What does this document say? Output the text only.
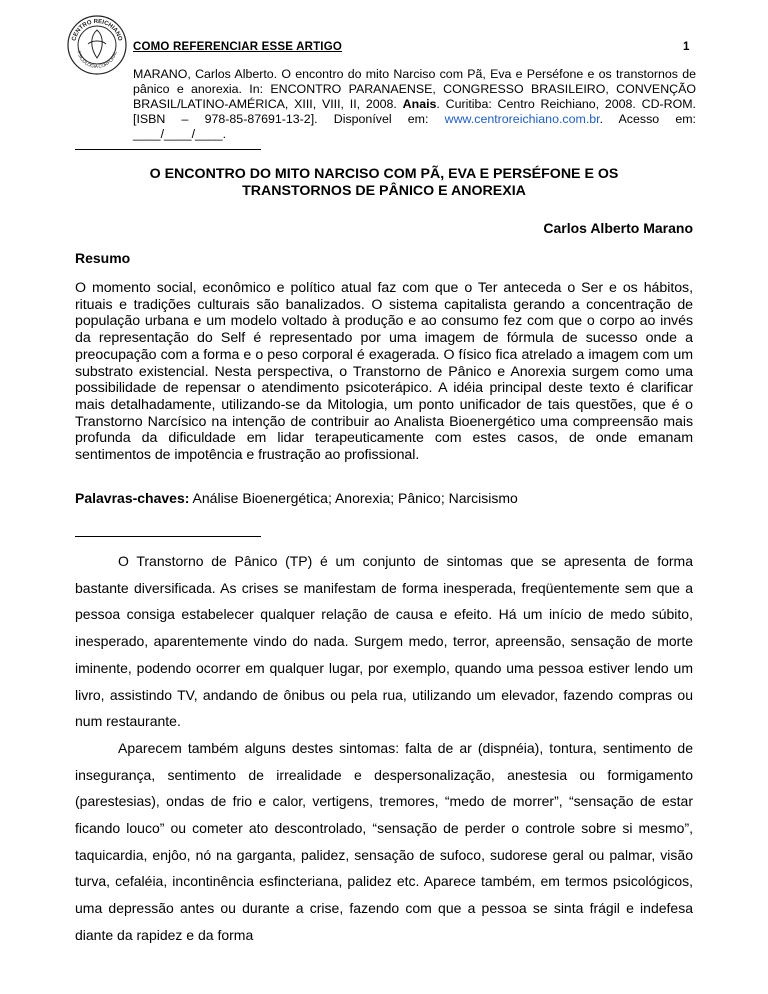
CENTRO REICHIANO
PSICOLOGIA CORPORAL COMO REFERENCIAR ESSE ARTIGO	1
MARANO, Carlos Alberto. O encontro do mito Narciso com Pã, Eva e Perséfone e os transtornos de pânico e anorexia. In: ENCONTRO PARANAENSE, CONGRESSO BRASILEIRO, CONVENÇÃO BRASIL/LATINO-AMÉRICA, XIII, VIII, II, 2008. Anais. Curitiba: Centro Reichiano, 2008. CD-ROM. [ISBN – 978-85-87691-13-2]. Disponível em: www.centroreichiano.com.br. Acesso em: ____/____/____.
O ENCONTRO DO MITO NARCISO COM PÃ, EVA E PERSÉFONE E OS
TRANSTORNOS DE PÂNICO E ANOREXIA
Carlos Alberto Marano
Resumo
O momento social, econômico e político atual faz com que o Ter anteceda o Ser e os hábitos, rituais e tradições culturais são banalizados. O sistema capitalista gerando a concentração de população urbana e um modelo voltado à produção e ao consumo fez com que o corpo ao invés da representação do Self é representado por uma imagem de fórmula de sucesso onde a preocupação com a forma e o peso corporal é exagerada. O físico fica atrelado a imagem com um substrato existencial. Nesta perspectiva, o Transtorno de Pânico e Anorexia surgem como uma possibilidade de repensar o atendimento psicoterápico. A idéia principal deste texto é clarificar mais detalhadamente, utilizando-se da Mitologia, um ponto unificador de tais questões, que é o Transtorno Narcísico na intenção de contribuir ao Analista Bioenergético uma compreensão mais profunda da dificuldade em lidar terapeuticamente com estes casos, de onde emanam sentimentos de impotência e frustração ao profissional.
Palavras-chaves: Análise Bioenergética; Anorexia; Pânico; Narcisismo

O Transtorno de Pânico (TP) é um conjunto de sintomas que se apresenta de forma bastante diversificada. As crises se manifestam de forma inesperada, freqüentemente sem que a pessoa consiga estabelecer qualquer relação de causa e efeito. Há um início de medo súbito, inesperado, aparentemente vindo do nada. Surgem medo, terror, apreensão, sensação de morte iminente, podendo ocorrer em qualquer lugar, por exemplo, quando uma pessoa estiver lendo um livro, assistindo TV, andando de ônibus ou pela rua, utilizando um elevador, fazendo compras ou num restaurante.

Aparecem também alguns destes sintomas: falta de ar (dispnéia), tontura, sentimento de insegurança, sentimento de irrealidade e despersonalização, anestesia ou formigamento (parestesias), ondas de frio e calor, vertigens, tremores, “medo de morrer”, “sensação de estar ficando louco” ou cometer ato descontrolado, “sensação de perder o controle sobre si mesmo”, taquicardia, enjôo, nó na garganta, palidez, sensação de sufoco, sudorese geral ou palmar, visão turva, cefaléia, incontinência esfincteriana, palidez etc. Aparece também, em termos psicológicos, uma depressão antes ou durante a crise, fazendo com que a pessoa se sinta frágil e indefesa diante da rapidez e da forma
